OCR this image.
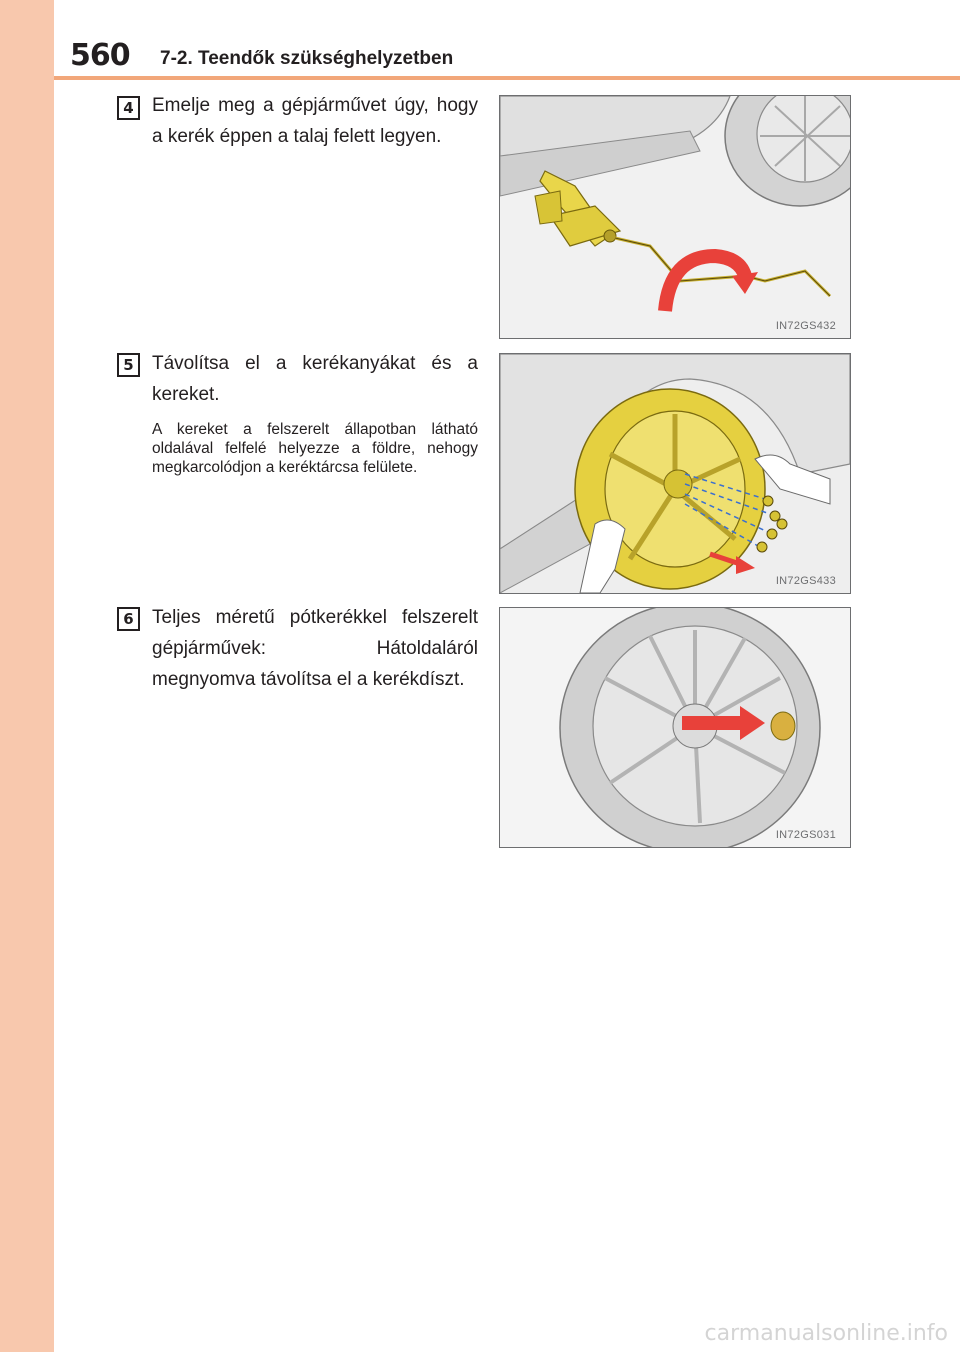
560 7-2. Teendők szükséghelyzetben
4 Emelje meg a gépjárművet úgy, hogy a kerék éppen a talaj felett legyen.
IN72GS432
5 Távolítsa el a kerékanyákat és a kereket.
A kereket a felszerelt állapotban látható oldalával felfelé helyezze a földre, nehogy megkarcolódjon a keréktárcsa felülete.
IN72GS433
6 Teljes méretű pótkerékkel felszerelt gépjárművek: Hátoldaláról megnyomva távolítsa el a kerékdíszt.
IN72GS031
carmanualsonline.info
